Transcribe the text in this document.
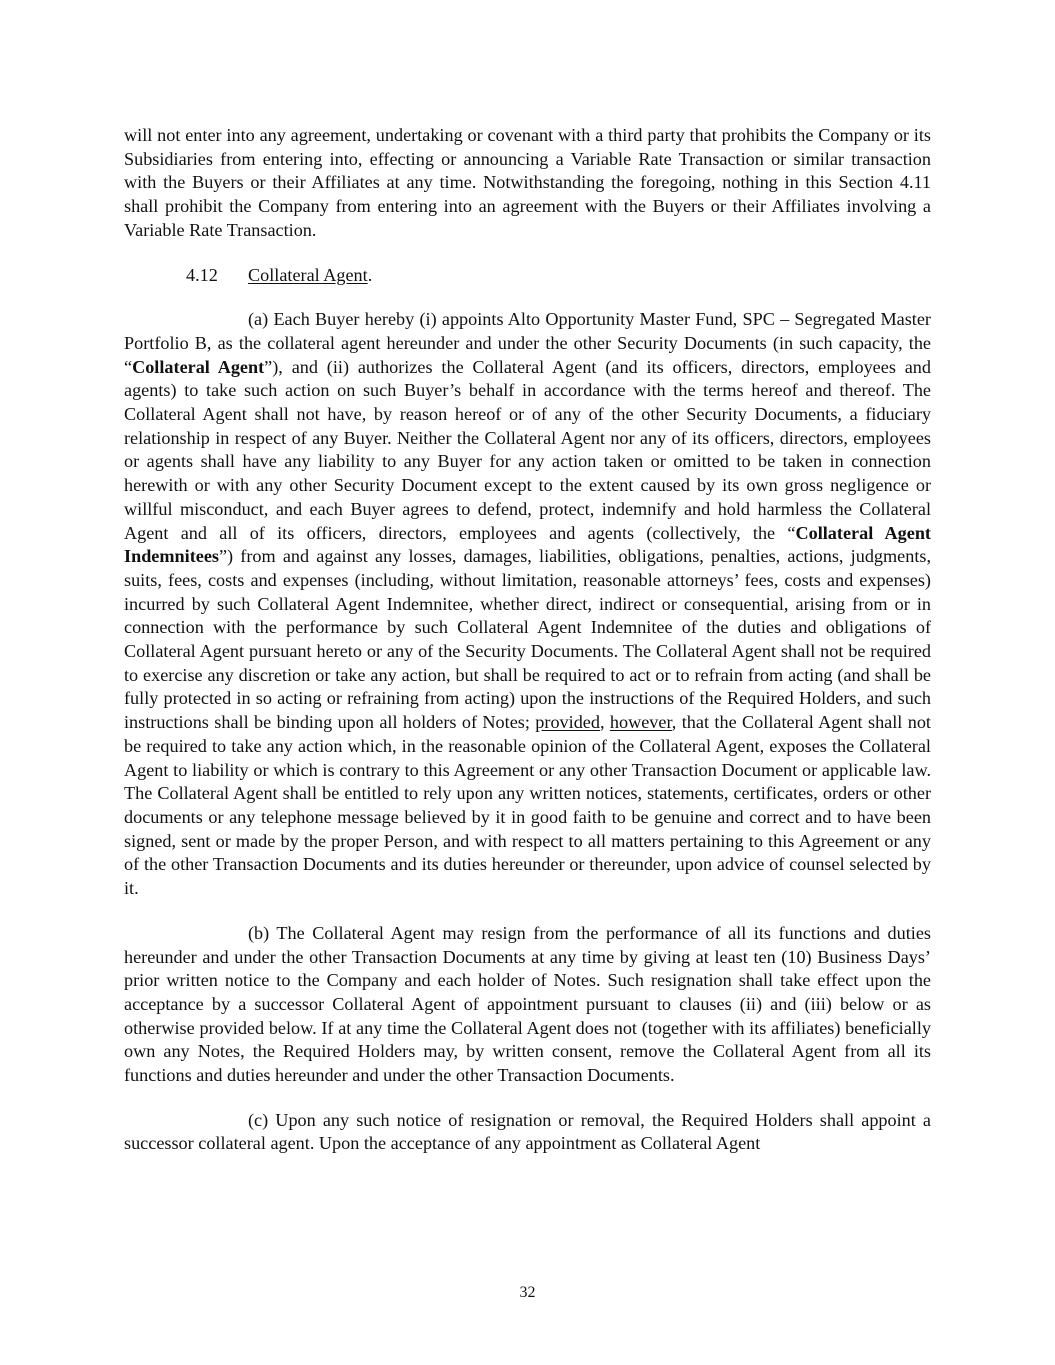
will not enter into any agreement, undertaking or covenant with a third party that prohibits the Company or its Subsidiaries from entering into, effecting or announcing a Variable Rate Transaction or similar transaction with the Buyers or their Affiliates at any time. Notwithstanding the foregoing, nothing in this Section 4.11 shall prohibit the Company from entering into an agreement with the Buyers or their Affiliates involving a Variable Rate Transaction.

4.12 Collateral Agent.

(a) Each Buyer hereby (i) appoints Alto Opportunity Master Fund, SPC – Segregated Master Portfolio B, as the collateral agent hereunder and under the other Security Documents (in such capacity, the “Collateral Agent”), and (ii) authorizes the Collateral Agent (and its officers, directors, employees and agents) to take such action on such Buyer’s behalf in accordance with the terms hereof and thereof. The Collateral Agent shall not have, by reason hereof or of any of the other Security Documents, a fiduciary relationship in respect of any Buyer. Neither the Collateral Agent nor any of its officers, directors, employees or agents shall have any liability to any Buyer for any action taken or omitted to be taken in connection herewith or with any other Security Document except to the extent caused by its own gross negligence or willful misconduct, and each Buyer agrees to defend, protect, indemnify and hold harmless the Collateral Agent and all of its officers, directors, employees and agents (collectively, the “Collateral Agent Indemnitees”) from and against any losses, damages, liabilities, obligations, penalties, actions, judgments, suits, fees, costs and expenses (including, without limitation, reasonable attorneys’ fees, costs and expenses) incurred by such Collateral Agent Indemnitee, whether direct, indirect or consequential, arising from or in connection with the performance by such Collateral Agent Indemnitee of the duties and obligations of Collateral Agent pursuant hereto or any of the Security Documents. The Collateral Agent shall not be required to exercise any discretion or take any action, but shall be required to act or to refrain from acting (and shall be fully protected in so acting or refraining from acting) upon the instructions of the Required Holders, and such instructions shall be binding upon all holders of Notes; provided, however, that the Collateral Agent shall not be required to take any action which, in the reasonable opinion of the Collateral Agent, exposes the Collateral Agent to liability or which is contrary to this Agreement or any other Transaction Document or applicable law. The Collateral Agent shall be entitled to rely upon any written notices, statements, certificates, orders or other documents or any telephone message believed by it in good faith to be genuine and correct and to have been signed, sent or made by the proper Person, and with respect to all matters pertaining to this Agreement or any of the other Transaction Documents and its duties hereunder or thereunder, upon advice of counsel selected by it.

(b) The Collateral Agent may resign from the performance of all its functions and duties hereunder and under the other Transaction Documents at any time by giving at least ten (10) Business Days’ prior written notice to the Company and each holder of Notes. Such resignation shall take effect upon the acceptance by a successor Collateral Agent of appointment pursuant to clauses (ii) and (iii) below or as otherwise provided below. If at any time the Collateral Agent does not (together with its affiliates) beneficially own any Notes, the Required Holders may, by written consent, remove the Collateral Agent from all its functions and duties hereunder and under the other Transaction Documents.

(c) Upon any such notice of resignation or removal, the Required Holders shall appoint a successor collateral agent. Upon the acceptance of any appointment as Collateral Agent

32
